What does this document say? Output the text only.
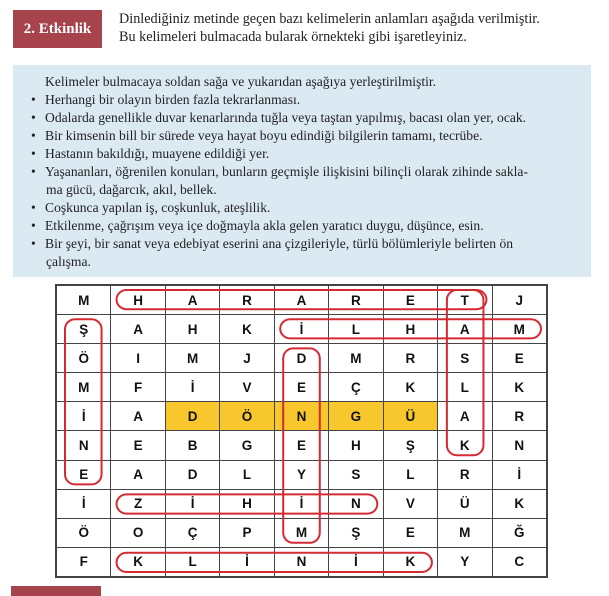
2. Etkinlik
Dinlediğiniz metinde geçen bazı kelimelerin anlamları aşağıda verilmiştir.
Bu kelimeleri bulmacada bularak örnekteki gibi işaretleyiniz.
Kelimeler bulmacaya soldan sağa ve yukarıdan aşağıya yerleştirilmiştir.
• Herhangi bir olayın birden fazla tekrarlanması.
• Odalarda genellikle duvar kenarlarında tuğla veya taştan yapılmış, bacası olan yer, ocak.
• Bir kimsenin bill bir sürede veya hayat boyu edindiği bilgilerin tamamı, tecrübe.
• Hastanın bakıldığı, muayene edildiği yer.
• Yaşananları, öğrenilen konuları, bunların geçmişle ilişkisini bilinçli olarak zihinde sakla-
ma gücü, dağarcık, akıl, bellek.
• Coşkunca yapılan iş, coşkunluk, ateşlilik.
• Etkilenme, çağrışım veya içe doğmayla akla gelen yaratıcı duygu, düşünce, esin.
• Bir şeyi, bir sanat veya edebiyat eserini ana çizgileriyle, türlü bölümleriyle belirten ön
çalışma.
M	H	A	R	A	R	E	T	J
Ş	A	H	K	İ	L	H	A	M
Ö	I	M	J	D	M	R	S	E
M	F	İ	V	E	Ç	K	L	K
İ	A	D	Ö	N	G	Ü	A	R
N	E	B	G	E	H	Ş	K	N
E	A	D	L	Y	S	L	R	İ
İ	Z	İ	H	İ	N	V	Ü	K
Ö	O	Ç	P	M	Ş	E	M	Ğ
F	K	L	İ	N	İ	K	Y	C
